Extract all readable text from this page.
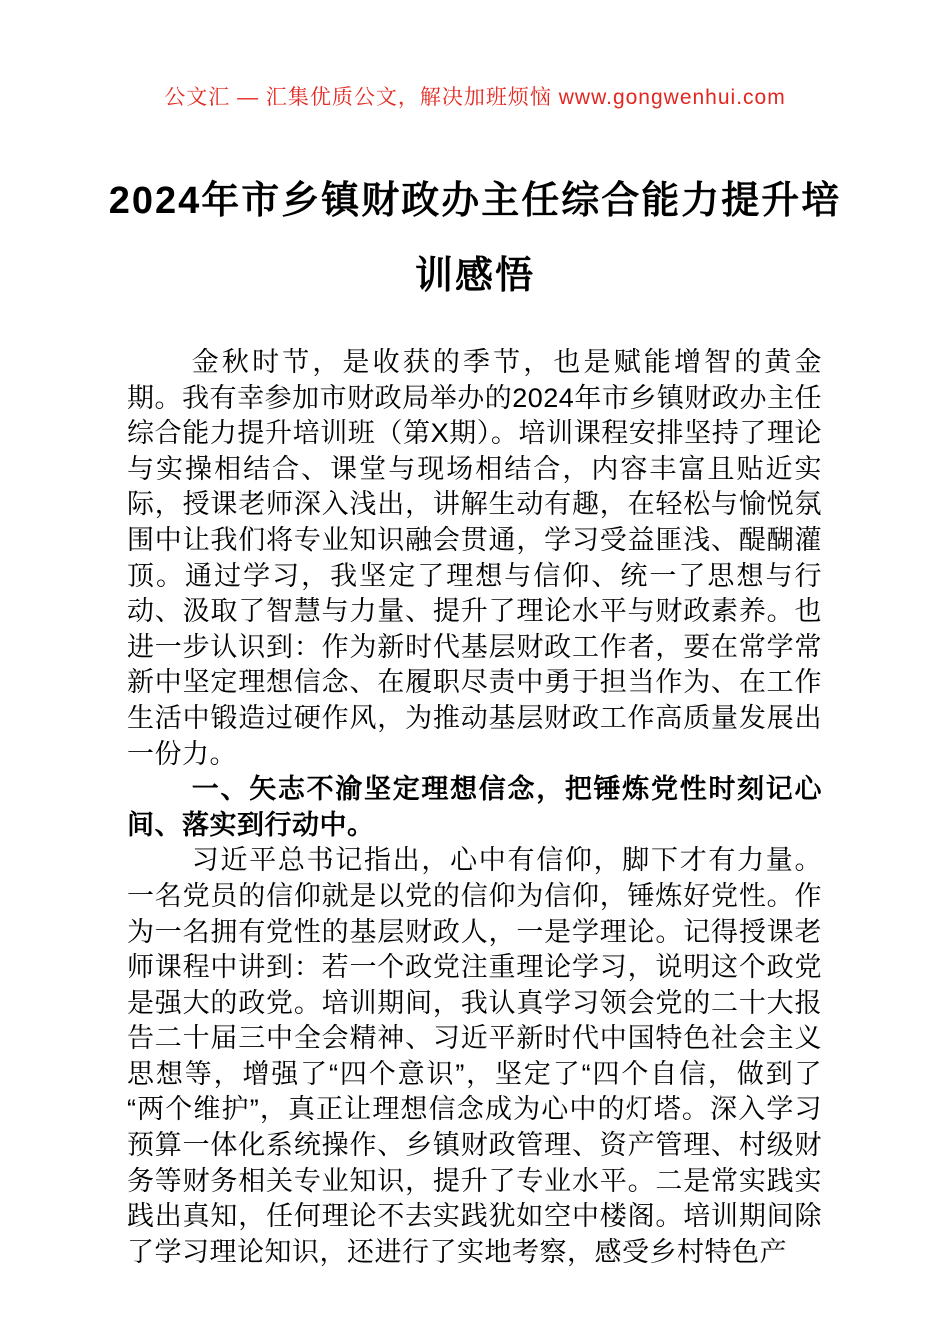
公文汇 — 汇集优质公文，解决加班烦恼 www.gongwenhui.com
2024年市乡镇财政办主任综合能力提升培
训感悟

金秋时节，是收获的季节，也是赋能增智的黄金期。我有幸参加市财政局举办的2024年市乡镇财政办主任综合能力提升培训班（第X期）。培训课程安排坚持了理论与实操相结合、课堂与现场相结合，内容丰富且贴近实际，授课老师深入浅出，讲解生动有趣，在轻松与愉悦氛围中让我们将专业知识融会贯通，学习受益匪浅、醍醐灌顶。通过学习，我坚定了理想与信仰、统一了思想与行动、汲取了智慧与力量、提升了理论水平与财政素养。也进一步认识到：作为新时代基层财政工作者，要在常学常新中坚定理想信念、在履职尽责中勇于担当作为、在工作生活中锻造过硬作风，为推动基层财政工作高质量发展出一份力。

一、矢志不渝坚定理想信念，把锤炼党性时刻记心间、落实到行动中。

习近平总书记指出，心中有信仰，脚下才有力量。一名党员的信仰就是以党的信仰为信仰，锤炼好党性。作为一名拥有党性的基层财政人，一是学理论。记得授课老师课程中讲到：若一个政党注重理论学习，说明这个政党是强大的政党。培训期间，我认真学习领会党的二十大报告二十届三中全会精神、习近平新时代中国特色社会主义思想等，增强了“四个意识”，坚定了“四个自信，做到了“两个维护”，真正让理想信念成为心中的灯塔。深入学习预算一体化系统操作、乡镇财政管理、资产管理、村级财务等财务相关专业知识，提升了专业水平。二是常实践实践出真知，任何理论不去实践犹如空中楼阁。培训期间除了学习理论知识，还进行了实地考察，感受乡村特色产
